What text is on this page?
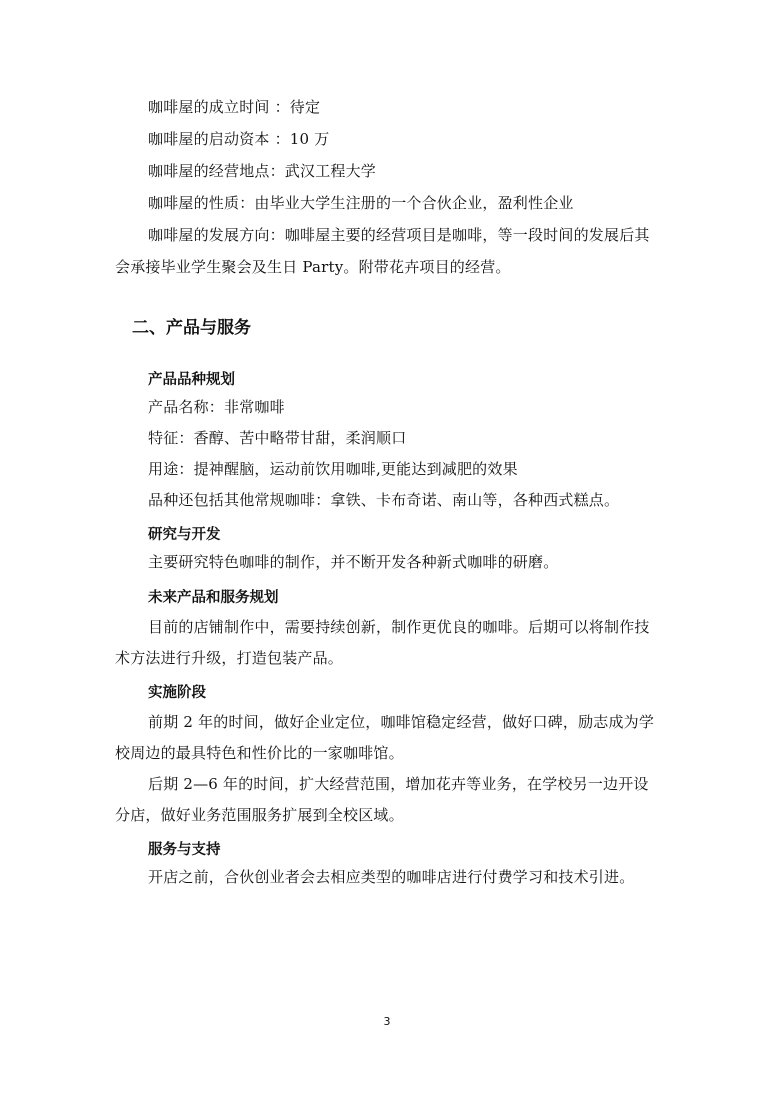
咖啡屋的成立时间 ：待定
咖啡屋的启动资本 ：10 万
咖啡屋的经营地点：武汉工程大学
咖啡屋的性质：由毕业大学生注册的一个合伙企业，盈利性企业
咖啡屋的发展方向：咖啡屋主要的经营项目是咖啡，等一段时间的发展后其
会承接毕业学生聚会及生日 Party。附带花卉项目的经营。
二、产品与服务
产品品种规划
产品名称：非常咖啡
特征：香醇、苦中略带甘甜，柔润顺口
用途：提神醒脑，运动前饮用咖啡,更能达到减肥的效果
品种还包括其他常规咖啡：拿铁、卡布奇诺、南山等，各种西式糕点。
研究与开发
主要研究特色咖啡的制作，并不断开发各种新式咖啡的研磨。
未来产品和服务规划
目前的店铺制作中，需要持续创新，制作更优良的咖啡。后期可以将制作技
术方法进行升级，打造包装产品。
实施阶段
前期 2 年的时间，做好企业定位，咖啡馆稳定经营，做好口碑，励志成为学
校周边的最具特色和性价比的一家咖啡馆。
后期 2—6 年的时间，扩大经营范围，增加花卉等业务，在学校另一边开设
分店，做好业务范围服务扩展到全校区域。
服务与支持
开店之前，合伙创业者会去相应类型的咖啡店进行付费学习和技术引进。
3
